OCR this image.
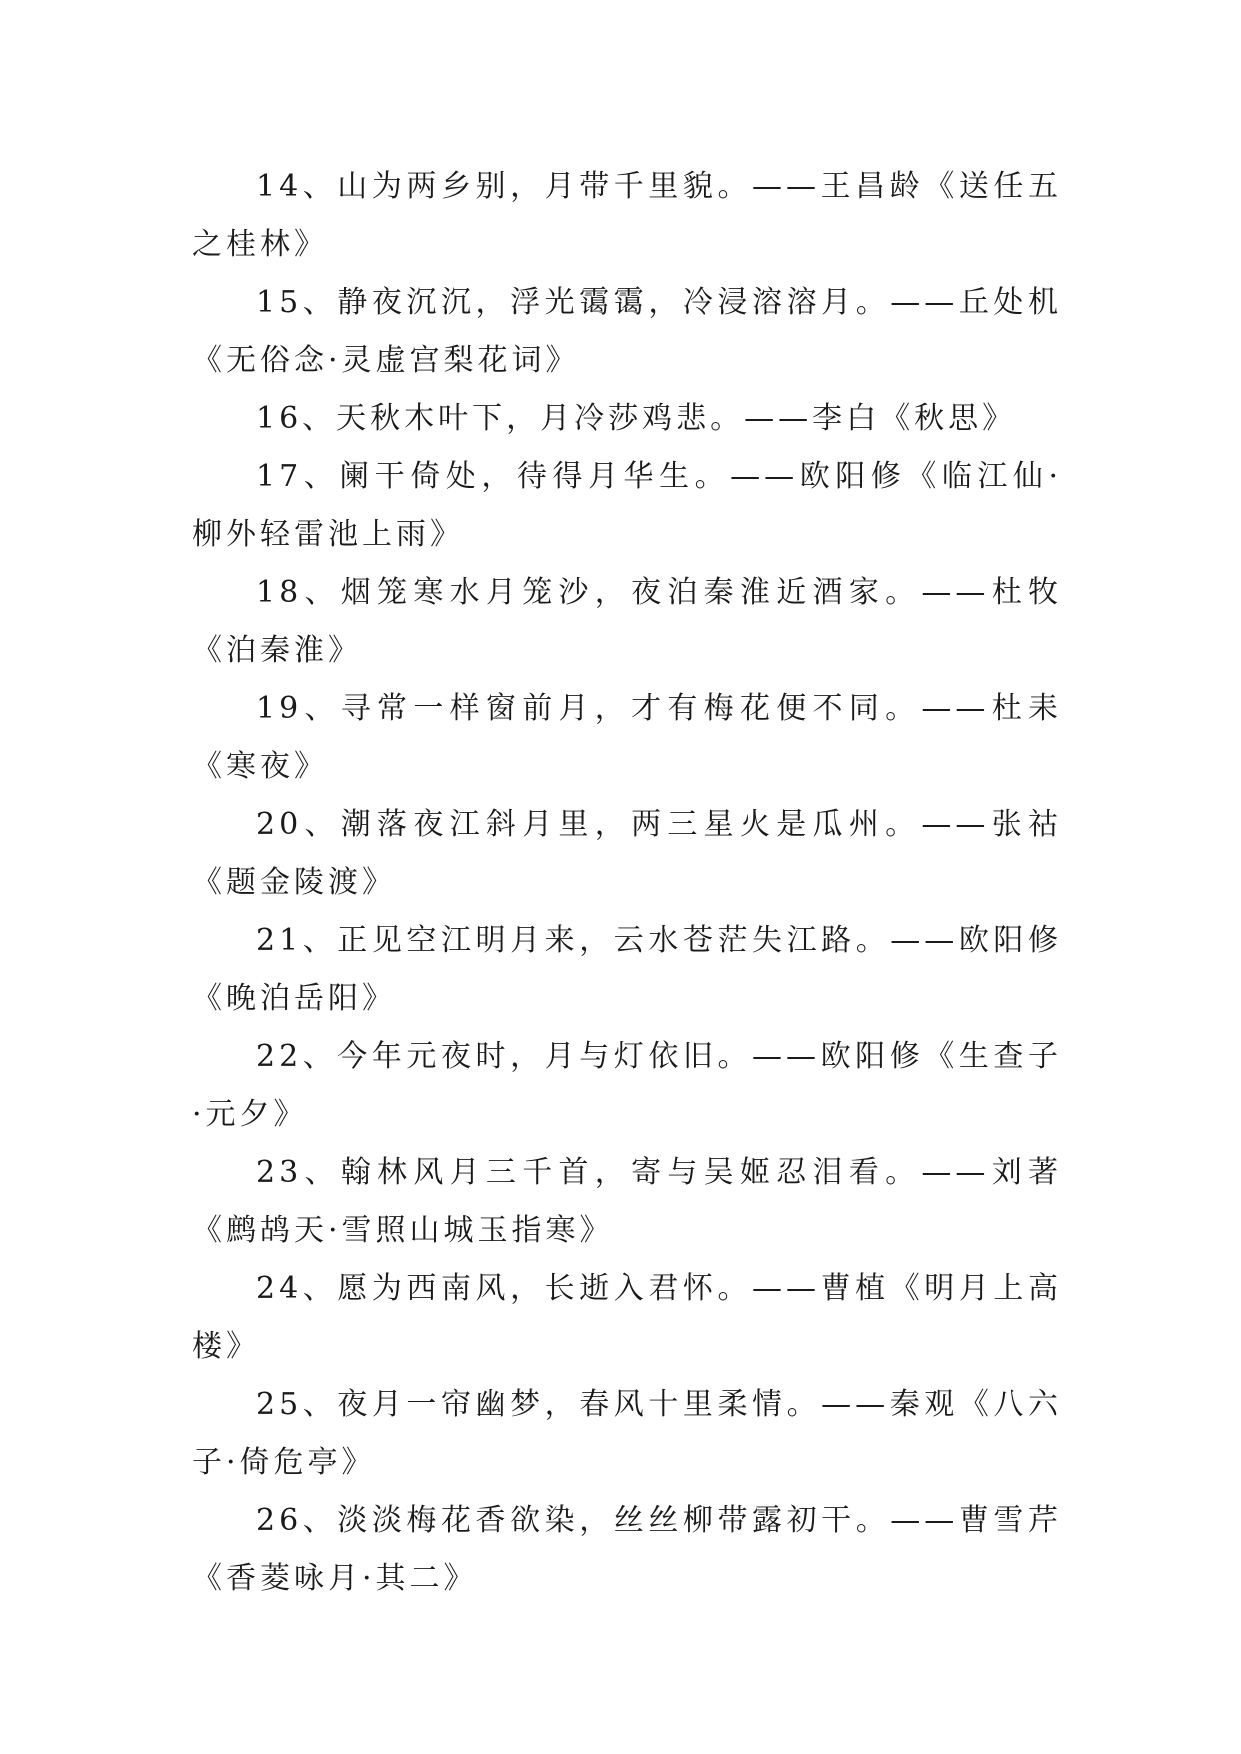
14、山为两乡别，月带千里貌。——王昌龄《送任五之桂林》

15、静夜沉沉，浮光霭霭，冷浸溶溶月。——丘处机《无俗念·灵虚宫梨花词》

16、天秋木叶下，月冷莎鸡悲。——李白《秋思》

17、阑干倚处，待得月华生。——欧阳修《临江仙·柳外轻雷池上雨》

18、烟笼寒水月笼沙，夜泊秦淮近酒家。——杜牧《泊秦淮》

19、寻常一样窗前月，才有梅花便不同。——杜耒《寒夜》

20、潮落夜江斜月里，两三星火是瓜州。——张祜《题金陵渡》

21、正见空江明月来，云水苍茫失江路。——欧阳修《晚泊岳阳》

22、今年元夜时，月与灯依旧。——欧阳修《生查子·元夕》

23、翰林风月三千首，寄与吴姬忍泪看。——刘著《鹧鸪天·雪照山城玉指寒》

24、愿为西南风，长逝入君怀。——曹植《明月上高楼》

25、夜月一帘幽梦，春风十里柔情。——秦观《八六子·倚危亭》

26、淡淡梅花香欲染，丝丝柳带露初干。——曹雪芹《香菱咏月·其二》
